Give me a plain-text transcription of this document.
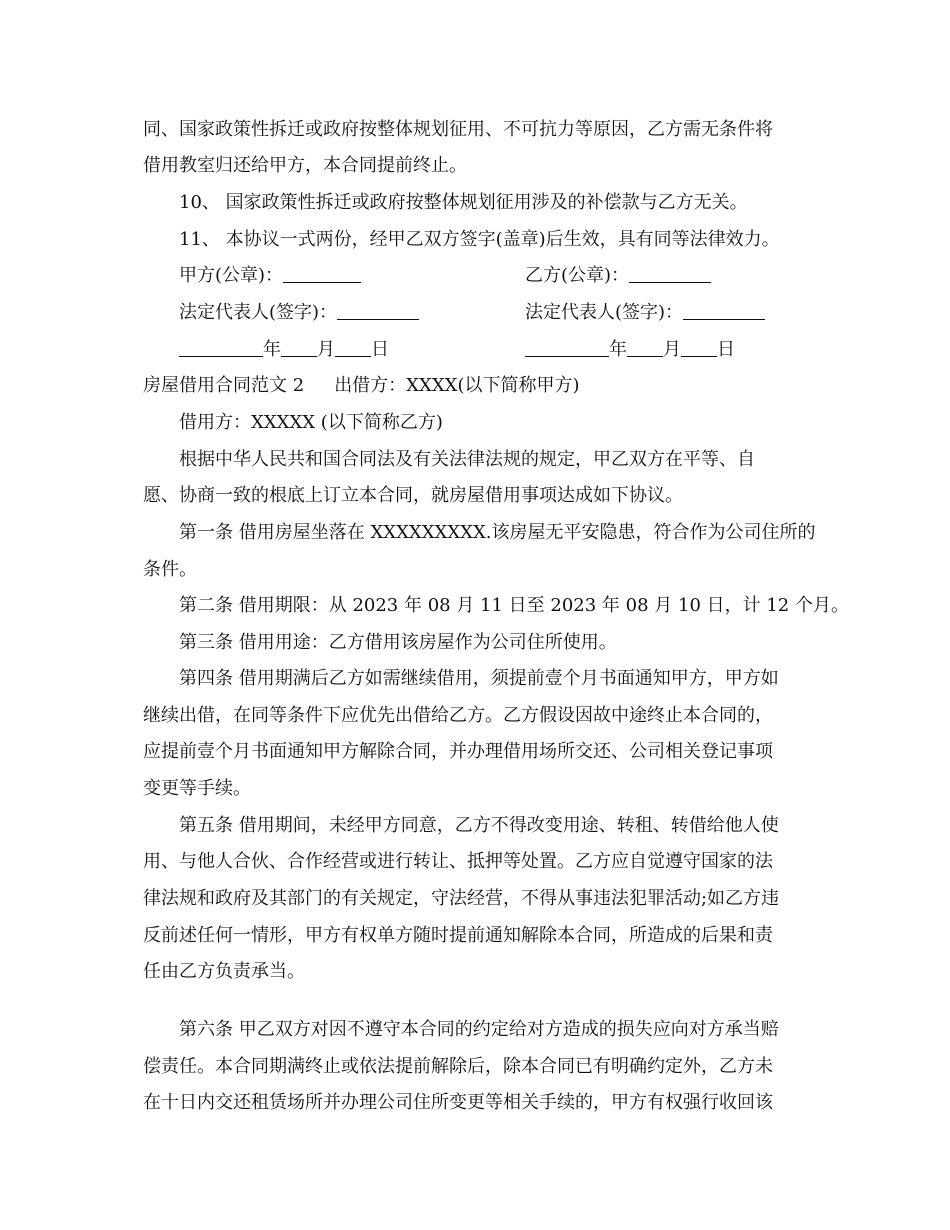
同、国家政策性拆迁或政府按整体规划征用、不可抗力等原因，乙方需无条件将
借用教室归还给甲方，本合同提前终止。
10、 国家政策性拆迁或政府按整体规划征用涉及的补偿款与乙方无关。
11、 本协议一式两份，经甲乙双方签字(盖章)后生效，具有同等法律效力。
甲方(公章)：	乙方(公章)：
法定代表人(签字)：	法定代表人(签字)：
年 月 日	年 月 日
房屋借用合同范文 2 出借方：XXXX(以下简称甲方)
借用方：XXXXX (以下简称乙方)
根据中华人民共和国合同法及有关法律法规的规定，甲乙双方在平等、自
愿、协商一致的根底上订立本合同，就房屋借用事项达成如下协议。
第一条 借用房屋坐落在 XXXXXXXXX.该房屋无平安隐患，符合作为公司住所的
条件。
第二条 借用期限：从 2023 年 08 月 11 日至 2023 年 08 月 10 日，计 12 个月。
第三条 借用用途：乙方借用该房屋作为公司住所使用。
第四条 借用期满后乙方如需继续借用，须提前壹个月书面通知甲方，甲方如
继续出借，在同等条件下应优先出借给乙方。乙方假设因故中途终止本合同的，
应提前壹个月书面通知甲方解除合同，并办理借用场所交还、公司相关登记事项
变更等手续。
第五条 借用期间，未经甲方同意，乙方不得改变用途、转租、转借给他人使
用、与他人合伙、合作经营或进行转让、抵押等处置。乙方应自觉遵守国家的法
律法规和政府及其部门的有关规定，守法经营，不得从事违法犯罪活动;如乙方违
反前述任何一情形，甲方有权单方随时提前通知解除本合同，所造成的后果和责
任由乙方负责承当。
第六条 甲乙双方对因不遵守本合同的约定给对方造成的损失应向对方承当赔
偿责任。本合同期满终止或依法提前解除后，除本合同已有明确约定外，乙方未
在十日内交还租赁场所并办理公司住所变更等相关手续的，甲方有权强行收回该
